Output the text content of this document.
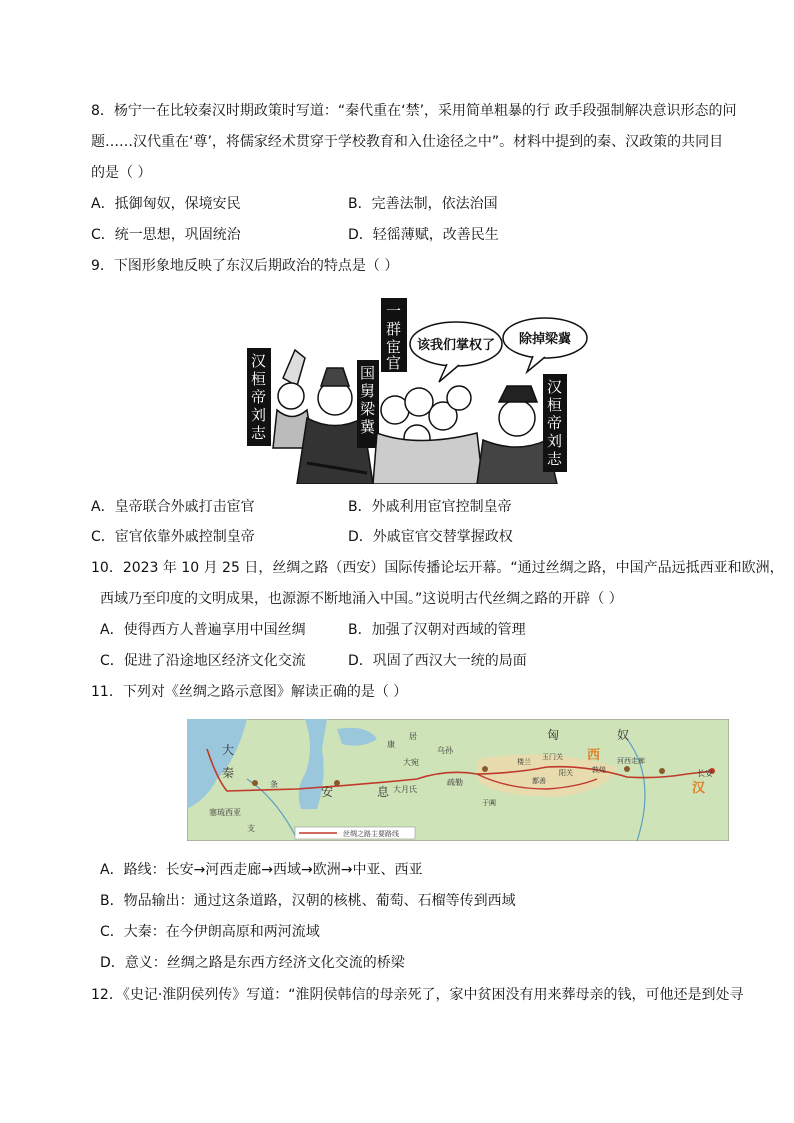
8．杨宁一在比较秦汉时期政策时写道：“秦代重在‘禁’，采用简单粗暴的行 政手段强制解决意识形态的问
题……汉代重在‘尊’，将儒家经术贯穿于学校教育和入仕途径之中”。材料中提到的秦、汉政策的共同目
的是（ ）
A．抵御匈奴，保境安民	B．完善法制，依法治国
C．统一思想，巩固统治	D．轻徭薄赋，改善民生
9．下图形象地反映了东汉后期政治的特点是（ ）
汉桓帝刘志
国舅梁冀
一群宦官
该我们掌权了 除掉梁冀
汉桓帝刘志
A．皇帝联合外戚打击宦官	B．外戚利用宦官控制皇帝
C．宦官依靠外戚控制皇帝	D．外戚宦官交替掌握政权
10．2023 年 10 月 25 日，丝绸之路（西安）国际传播论坛开幕。“通过丝绸之路，中国产品远抵西亚和欧洲，
西域乃至印度的文明成果，也源源不断地涌入中国。”这说明古代丝绸之路的开辟（ ）
A．使得西方人普遍享用中国丝绸	B．加强了汉朝对西域的管理
C．促进了沿途地区经济文化交流	D．巩固了西汉大一统的局面
11．下列对《丝绸之路示意图》解读正确的是（ ）
匈	奴
西
汉
长安
大
秦
安	息
条
支
塞琉西亚
康
居
乌孙
大宛
疏勒
大月氏
楼兰
玉门关
阳关	敦煌
河西走廊
鄯善
于阗
丝绸之路主要路线
A．路线：长安→河西走廊→西域→欧洲→中亚、西亚
B．物品输出：通过这条道路，汉朝的核桃、葡萄、石榴等传到西域
C．大秦：在今伊朗高原和两河流域
D．意义：丝绸之路是东西方经济文化交流的桥梁
12．《史记·淮阴侯列传》写道：“淮阴侯韩信的母亲死了，家中贫困没有用来葬母亲的钱，可他还是到处寻
